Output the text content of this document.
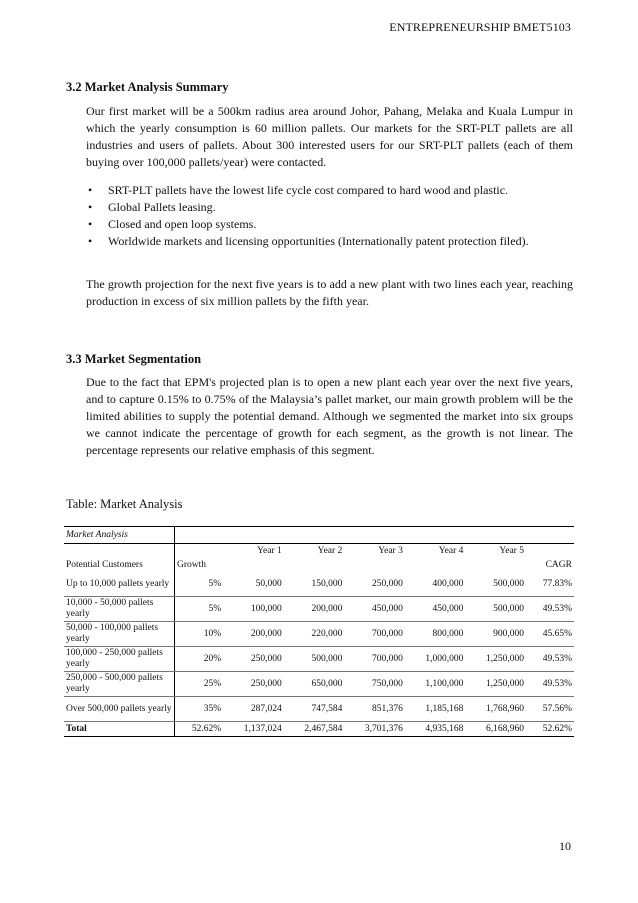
ENTREPRENEURSHIP BMET5103
3.2 Market Analysis Summary
Our first market will be a 500km radius area around Johor, Pahang, Melaka and Kuala Lumpur in which the yearly consumption is 60 million pallets. Our markets for the SRT-PLT pallets are all industries and users of pallets. About 300 interested users for our SRT-PLT pallets (each of them buying over 100,000 pallets/year) were contacted.
• SRT-PLT pallets have the lowest life cycle cost compared to hard wood and plastic.
• Global Pallets leasing.
• Closed and open loop systems.
• Worldwide markets and licensing opportunities (Internationally patent protection filed).
The growth projection for the next five years is to add a new plant with two lines each year, reaching production in excess of six million pallets by the fifth year.
3.3 Market Segmentation
Due to the fact that EPM's projected plan is to open a new plant each year over the next five years, and to capture 0.15% to 0.75% of the Malaysia’s pallet market, our main growth problem will be the limited abilities to supply the potential demand. Although we segmented the market into six groups we cannot indicate the percentage of growth for each segment, as the growth is not linear. The percentage represents our relative emphasis of this segment.
Table: Market Analysis
Market Analysis							
		Year 1	Year 2	Year 3	Year 4	Year 5	
Potential Customers	Growth						CAGR
Up to 10,000 pallets yearly	5%	50,000	150,000	250,000	400,000	500,000	77.83%
10,000 - 50,000 pallets yearly	5%	100,000	200,000	450,000	450,000	500,000	49.53%
50,000 - 100,000 pallets yearly	10%	200,000	220,000	700,000	800,000	900,000	45.65%
100,000 - 250,000 pallets yearly	20%	250,000	500,000	700,000	1,000,000	1,250,000	49.53%
250,000 - 500,000 pallets yearly	25%	250,000	650,000	750,000	1,100,000	1,250,000	49.53%
Over 500,000 pallets yearly	35%	287,024	747,584	851,376	1,185,168	1,768,960	57.56%
Total	52.62%	1,137,024	2,467,584	3,701,376	4,935,168	6,168,960	52.62%
10
